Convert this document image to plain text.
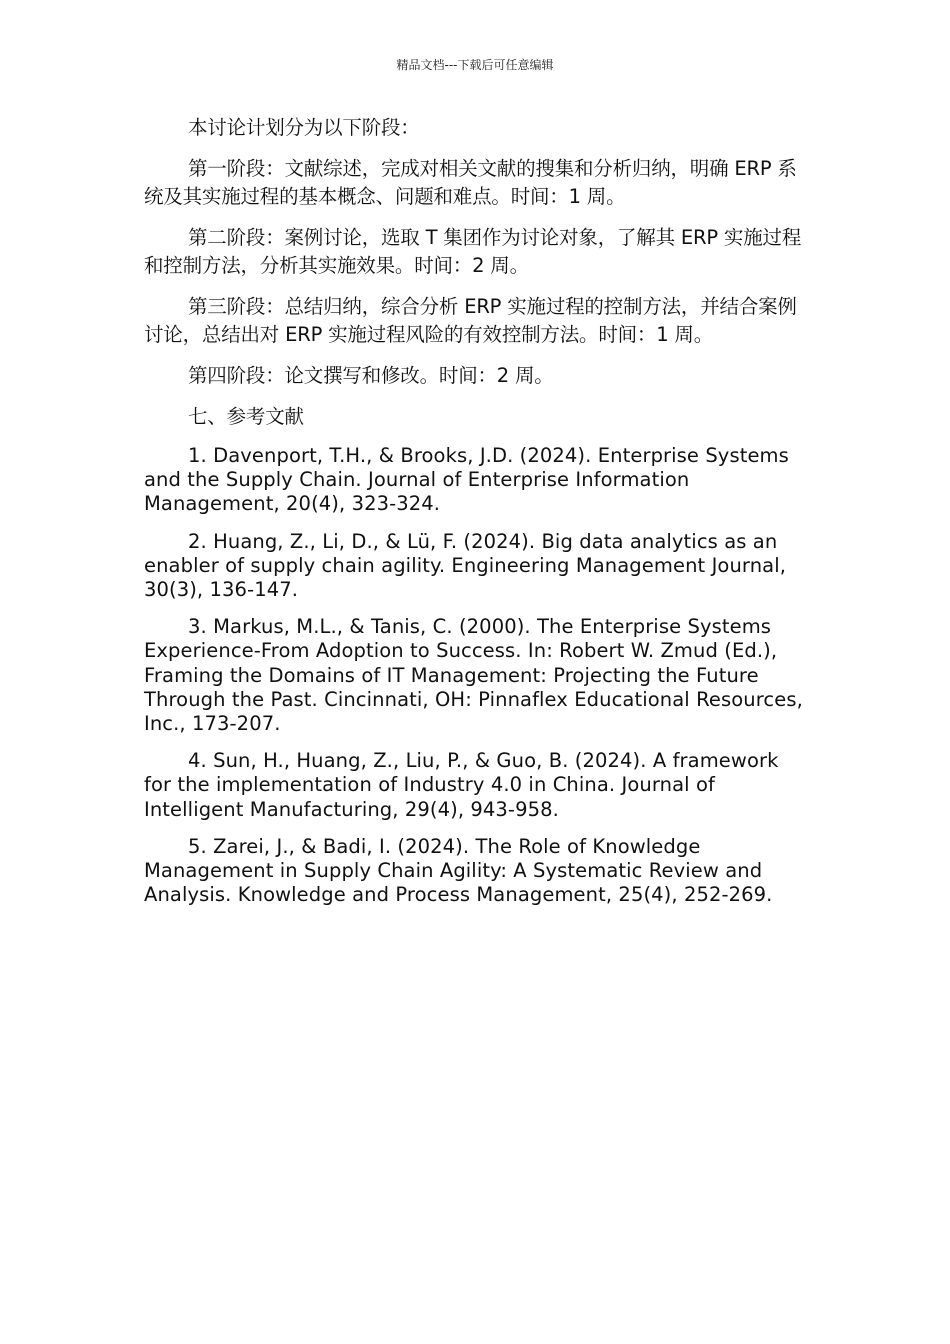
精品文档---下载后可任意编辑

本讨论计划分为以下阶段：

第一阶段：文献综述，完成对相关文献的搜集和分析归纳，明确 ERP 系统及其实施过程的基本概念、问题和难点。时间：1 周。

第二阶段：案例讨论，选取 T 集团作为讨论对象，了解其 ERP 实施过程和控制方法，分析其实施效果。时间：2 周。

第三阶段：总结归纳，综合分析 ERP 实施过程的控制方法，并结合案例讨论，总结出对 ERP 实施过程风险的有效控制方法。时间：1 周。

第四阶段：论文撰写和修改。时间：2 周。

七、参考文献

1. Davenport, T.H., & Brooks, J.D. (2024). Enterprise Systems and the Supply Chain. Journal of Enterprise Information Management, 20(4), 323-324.

2. Huang, Z., Li, D., & Lü, F. (2024). Big data analytics as an enabler of supply chain agility. Engineering Management Journal, 30(3), 136-147.

3. Markus, M.L., & Tanis, C. (2000). The Enterprise Systems Experience-From Adoption to Success. In: Robert W. Zmud (Ed.), Framing the Domains of IT Management: Projecting the Future Through the Past. Cincinnati, OH: Pinnaflex Educational Resources, Inc., 173-207.

4. Sun, H., Huang, Z., Liu, P., & Guo, B. (2024). A framework for the implementation of Industry 4.0 in China. Journal of Intelligent Manufacturing, 29(4), 943-958.

5. Zarei, J., & Badi, I. (2024). The Role of Knowledge Management in Supply Chain Agility: A Systematic Review and Analysis. Knowledge and Process Management, 25(4), 252-269.
